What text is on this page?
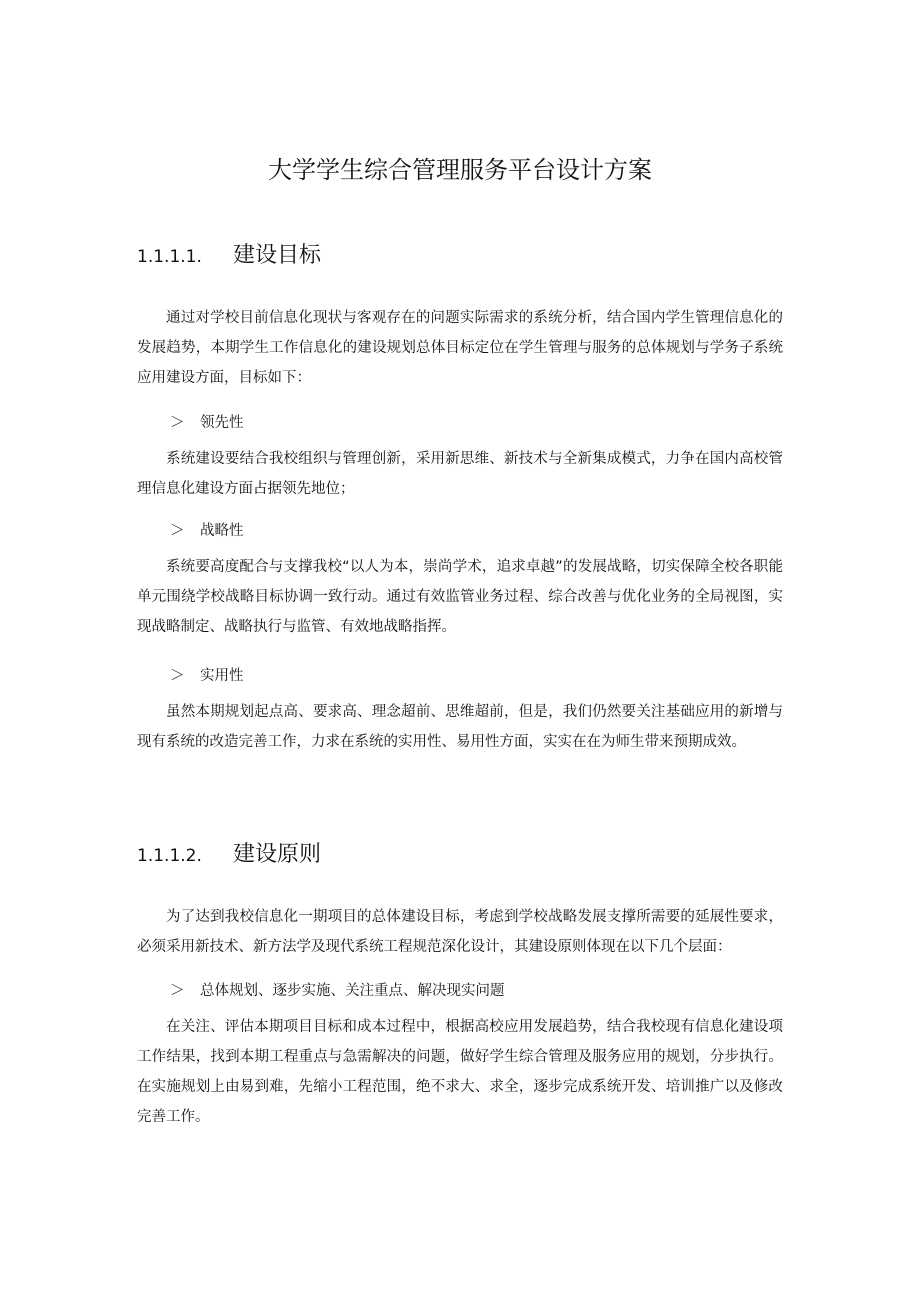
大学学生综合管理服务平台设计方案
1.1.1.1. 建设目标

通过对学校目前信息化现状与客观存在的问题实际需求的系统分析，结合国内学生管理信息化的发展趋势，本期学生工作信息化的建设规划总体目标定位在学生管理与服务的总体规划与学务子系统应用建设方面，目标如下：

＞ 领先性

系统建设要结合我校组织与管理创新，采用新思维、新技术与全新集成模式，力争在国内高校管理信息化建设方面占据领先地位；

＞ 战略性

系统要高度配合与支撑我校“以人为本，崇尚学术，追求卓越”的发展战略，切实保障全校各职能单元围绕学校战略目标协调一致行动。通过有效监管业务过程、综合改善与优化业务的全局视图，实现战略制定、战略执行与监管、有效地战略指挥。

＞ 实用性

虽然本期规划起点高、要求高、理念超前、思维超前，但是，我们仍然要关注基础应用的新增与现有系统的改造完善工作，力求在系统的实用性、易用性方面，实实在在为师生带来预期成效。

1.1.1.2. 建设原则

为了达到我校信息化一期项目的总体建设目标，考虑到学校战略发展支撑所需要的延展性要求，必须采用新技术、新方法学及现代系统工程规范深化设计，其建设原则体现在以下几个层面：

＞ 总体规划、逐步实施、关注重点、解决现实问题

在关注、评估本期项目目标和成本过程中，根据高校应用发展趋势，结合我校现有信息化建设项工作结果，找到本期工程重点与急需解决的问题，做好学生综合管理及服务应用的规划，分步执行。在实施规划上由易到难，先缩小工程范围，绝不求大、求全，逐步完成系统开发、培训推广以及修改完善工作。
